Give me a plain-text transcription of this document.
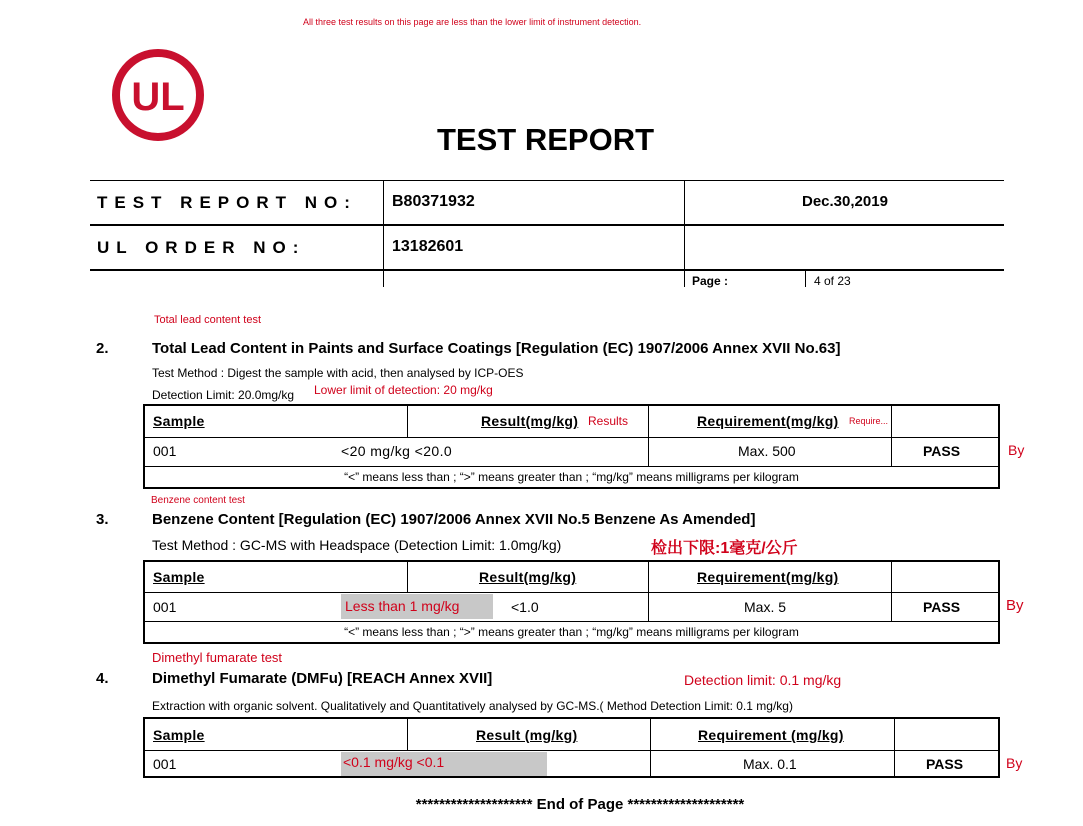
All three test results on this page are less than the lower limit of instrument detection.
UL
TEST REPORT
TEST REPORT NO: B80371932	Dec.30,2019
UL ORDER NO:	13182601
Page :	4 of 23
Total lead content test
2.	Total Lead Content in Paints and Surface Coatings [Regulation (EC) 1907/2006 Annex XVII No.63]
Test Method : Digest the sample with acid, then analysed by ICP-OES
Detection Limit: 20.0mg/kg Lower limit of detection: 20 mg/kg
Sample	Result(mg/kg) Results	Requirement(mg/kg) Require...
001	<20 mg/kg <20.0	Max. 500	PASS
“<” means less than ; “>” means greater than ; “mg/kg” means milligrams per kilogram
By
Benzene content test
3.	Benzene Content [Regulation (EC) 1907/2006 Annex XVII No.5 Benzene As Amended]
Test Method : GC-MS with Headspace (Detection Limit: 1.0mg/kg)	检出下限:1毫克/公斤
Sample	Result(mg/kg)	Requirement(mg/kg)
001	Less than 1 mg/kg	<1.0	Max. 5	PASS
“<” means less than ; “>” means greater than ; “mg/kg” means milligrams per kilogram
By
Dimethyl fumarate test
4.	Dimethyl Fumarate (DMFu) [REACH Annex XVII]	Detection limit: 0.1 mg/kg
Extraction with organic solvent. Qualitatively and Quantitatively analysed by GC-MS.( Method Detection Limit: 0.1 mg/kg)
Sample	Result (mg/kg)	Requirement (mg/kg)
001	<0.1 mg/kg <0.1	Max. 0.1	PASS	By
******************** End of Page ********************
